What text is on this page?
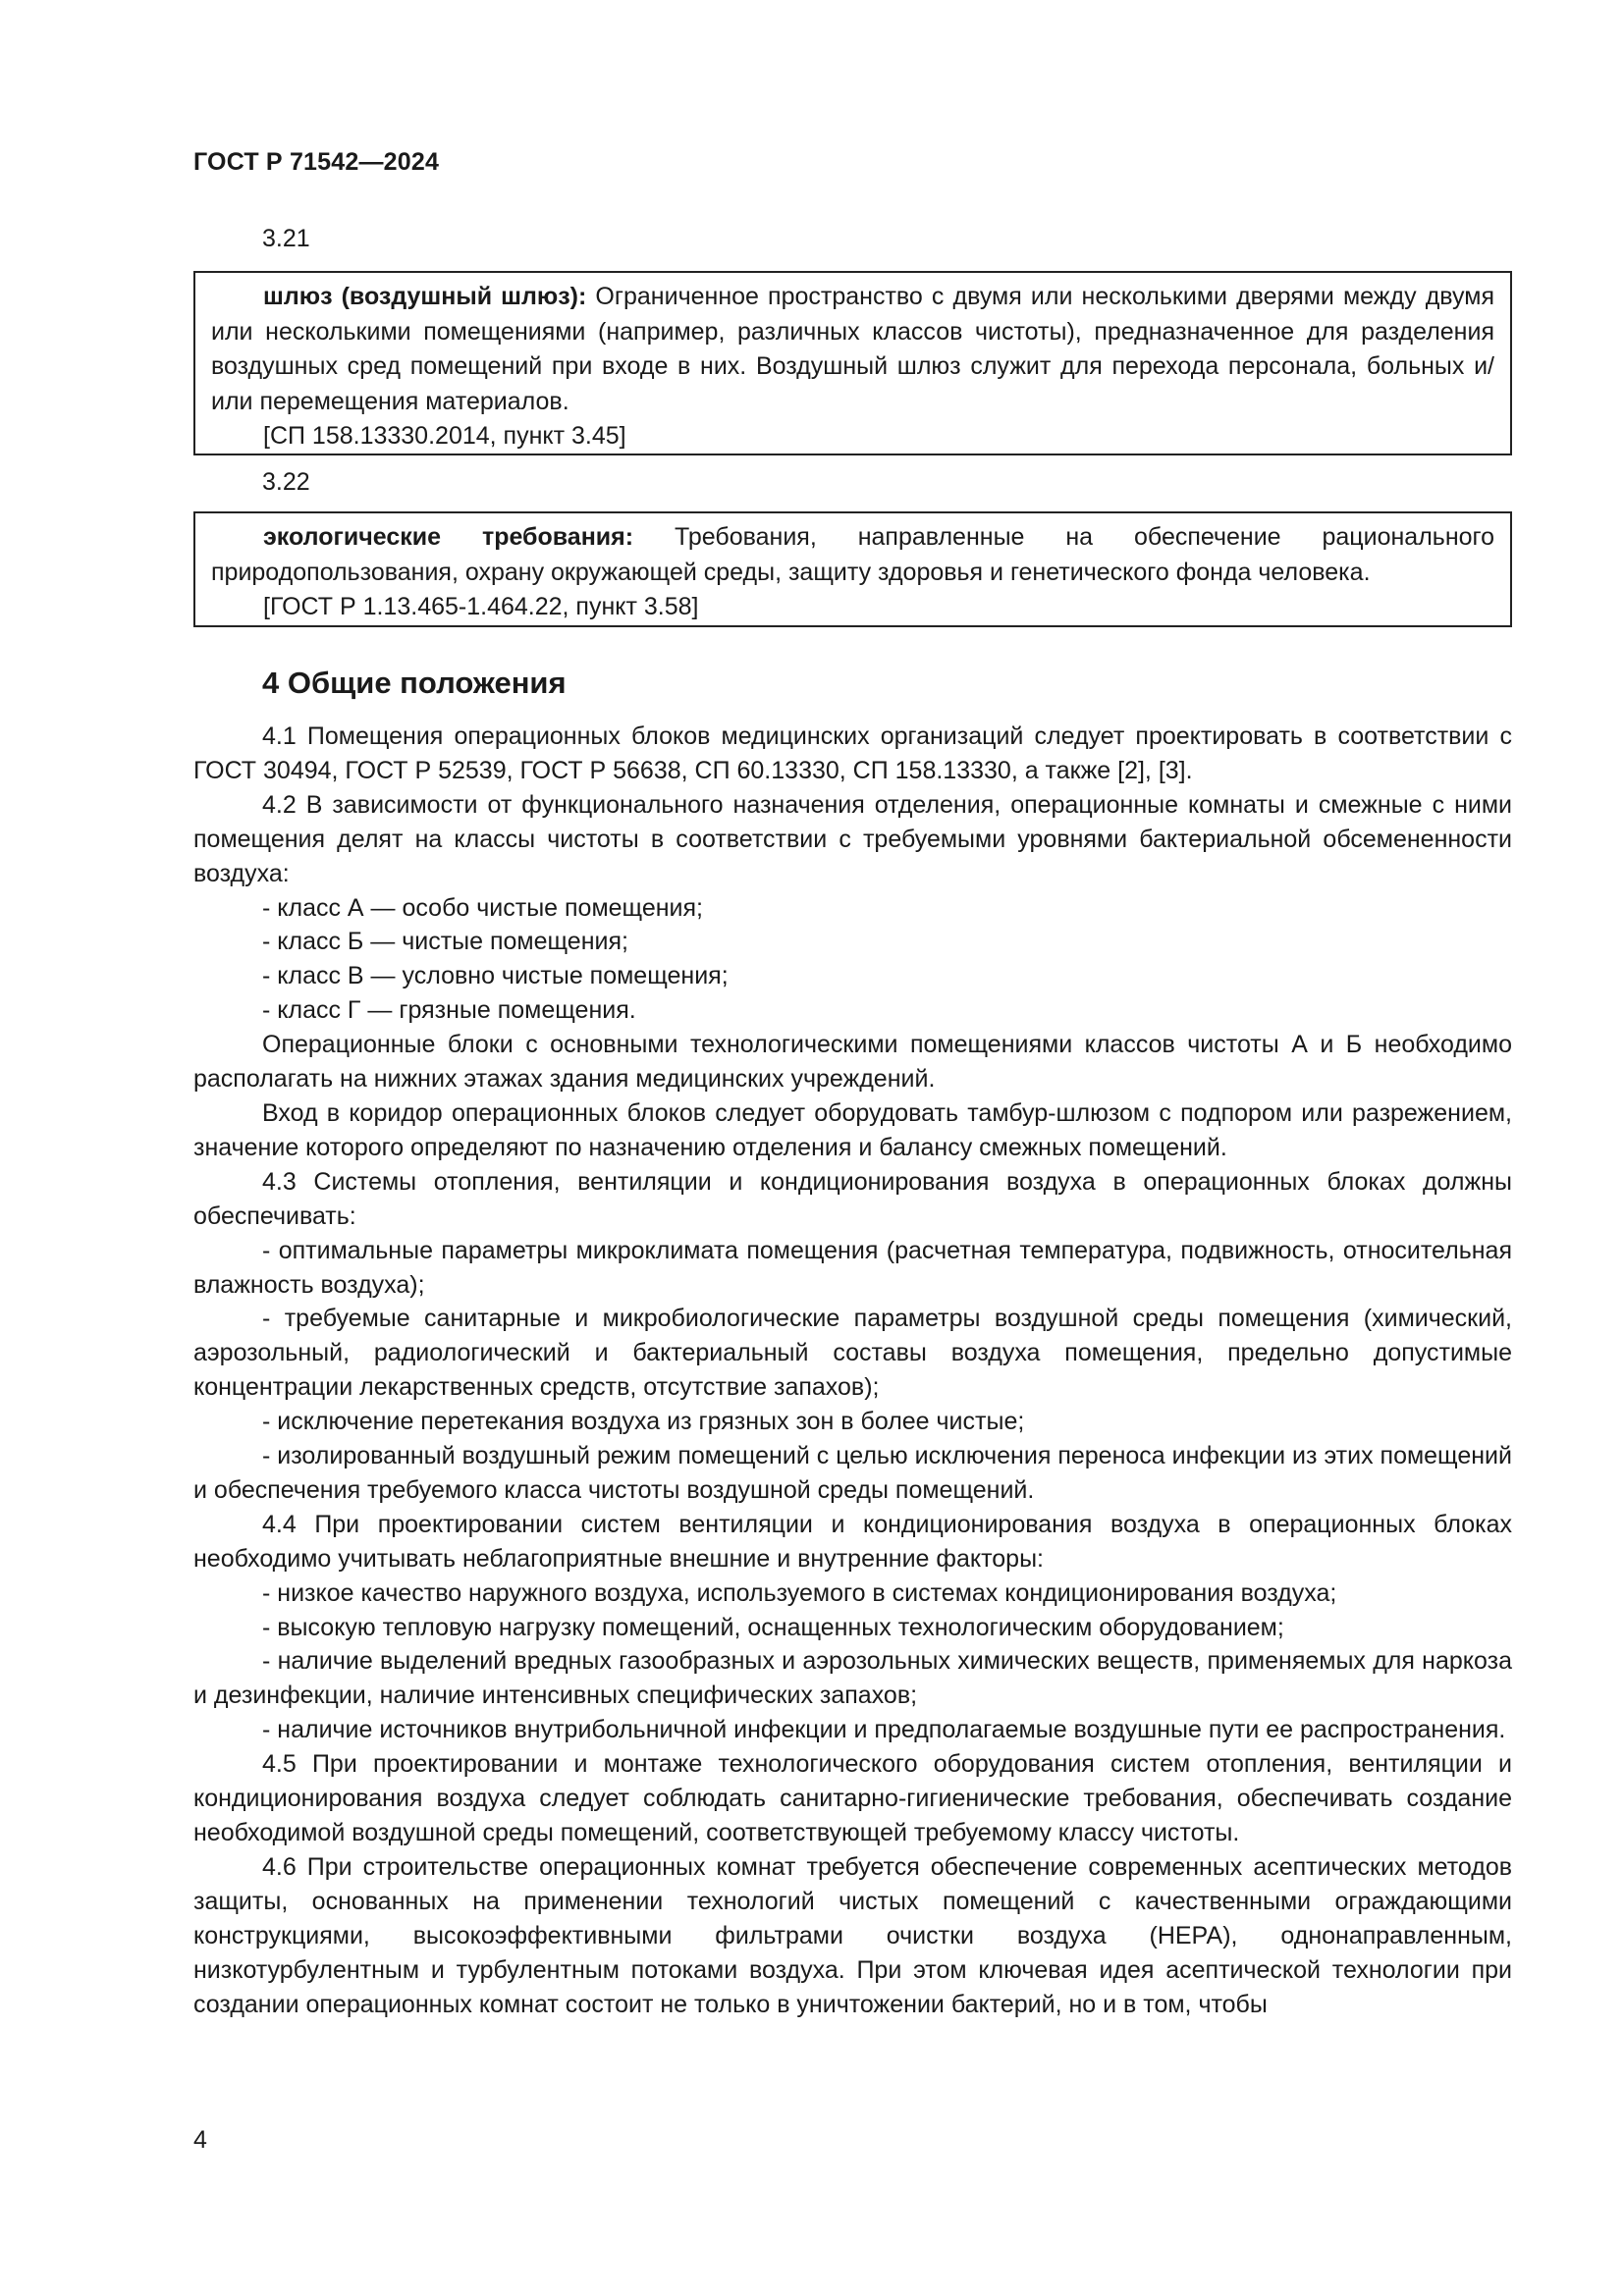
ГОСТ Р 71542—2024
3.21

шлюз (воздушный шлюз): Ограниченное пространство с двумя или несколькими дверями между двумя или несколькими помещениями (например, различных классов чистоты), предназначенное для разделения воздушных сред помещений при входе в них. Воздушный шлюз служит для перехода персонала, больных и/или перемещения материалов.

[СП 158.13330.2014, пункт 3.45]

3.22

экологические требования: Требования, направленные на обеспечение рационального природопользования, охрану окружающей среды, защиту здоровья и генетического фонда человека.

[ГОСТ Р 1.13.465-1.464.22, пункт 3.58]

4 Общие положения

4.1 Помещения операционных блоков медицинских организаций следует проектировать в соответствии с ГОСТ 30494, ГОСТ Р 52539, ГОСТ Р 56638, СП 60.13330, СП 158.13330, а также [2], [3].

4.2 В зависимости от функционального назначения отделения, операционные комнаты и смежные с ними помещения делят на классы чистоты в соответствии с требуемыми уровнями бактериальной обсемененности воздуха:

- класс А — особо чистые помещения;

- класс Б — чистые помещения;

- класс В — условно чистые помещения;

- класс Г — грязные помещения.

Операционные блоки с основными технологическими помещениями классов чистоты А и Б необходимо располагать на нижних этажах здания медицинских учреждений.

Вход в коридор операционных блоков следует оборудовать тамбур-шлюзом с подпором или разрежением, значение которого определяют по назначению отделения и балансу смежных помещений.

4.3 Системы отопления, вентиляции и кондиционирования воздуха в операционных блоках должны обеспечивать:

- оптимальные параметры микроклимата помещения (расчетная температура, подвижность, относительная влажность воздуха);

- требуемые санитарные и микробиологические параметры воздушной среды помещения (химический, аэрозольный, радиологический и бактериальный составы воздуха помещения, предельно допустимые концентрации лекарственных средств, отсутствие запахов);

- исключение перетекания воздуха из грязных зон в более чистые;

- изолированный воздушный режим помещений с целью исключения переноса инфекции из этих помещений и обеспечения требуемого класса чистоты воздушной среды помещений.

4.4 При проектировании систем вентиляции и кондиционирования воздуха в операционных блоках необходимо учитывать неблагоприятные внешние и внутренние факторы:

- низкое качество наружного воздуха, используемого в системах кондиционирования воздуха;

- высокую тепловую нагрузку помещений, оснащенных технологическим оборудованием;

- наличие выделений вредных газообразных и аэрозольных химических веществ, применяемых для наркоза и дезинфекции, наличие интенсивных специфических запахов;

- наличие источников внутрибольничной инфекции и предполагаемые воздушные пути ее распространения.

4.5 При проектировании и монтаже технологического оборудования систем отопления, вентиляции и кондиционирования воздуха следует соблюдать санитарно-гигиенические требования, обеспечивать создание необходимой воздушной среды помещений, соответствующей требуемому классу чистоты.

4.6 При строительстве операционных комнат требуется обеспечение современных асептических методов защиты, основанных на применении технологий чистых помещений с качественными ограждающими конструкциями, высокоэффективными фильтрами очистки воздуха (НЕРА), однонаправленным, низкотурбулентным и турбулентным потоками воздуха. При этом ключевая идея асептической технологии при создании операционных комнат состоит не только в уничтожении бактерий, но и в том, чтобы

4
